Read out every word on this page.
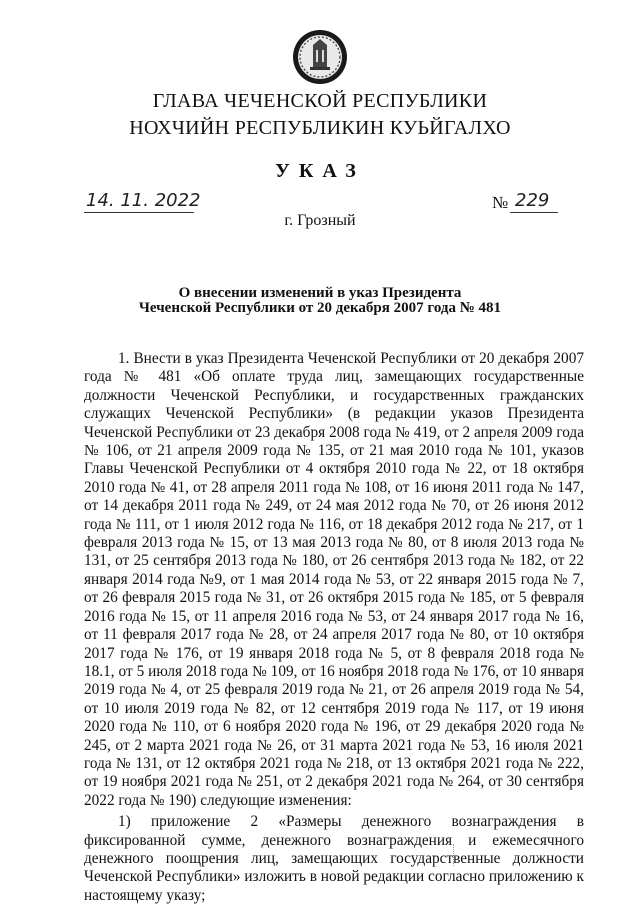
ГЛАВА ЧЕЧЕНСКОЙ РЕСПУБЛИКИ
НОХЧИЙН РЕСПУБЛИКИН КУЬЙГАЛХО
УКАЗ
14. 11. 2022	№ 229
г. Грозный
О внесении изменений в указ Президента
Чеченской Республики от 20 декабря 2007 года № 481

1. Внести в указ Президента Чеченской Республики от 20 декабря 2007 года № 481 «Об оплате труда лиц, замещающих государственные должности Чеченской Республики, и государственных гражданских служащих Чеченской Республики» (в редакции указов Президента Чеченской Республики от 23 декабря 2008 года № 419, от 2 апреля 2009 года № 106, от 21 апреля 2009 года № 135, от 21 мая 2010 года № 101, указов Главы Чеченской Республики от 4 октября 2010 года № 22, от 18 октября 2010 года № 41, от 28 апреля 2011 года № 108, от 16 июня 2011 года № 147, от 14 декабря 2011 года № 249, от 24 мая 2012 года № 70, от 26 июня 2012 года № 111, от 1 июля 2012 года № 116, от 18 декабря 2012 года № 217, от 1 февраля 2013 года № 15, от 13 мая 2013 года № 80, от 8 июля 2013 года № 131, от 25 сентября 2013 года № 180, от 26 сентября 2013 года № 182, от 22 января 2014 года №9, от 1 мая 2014 года № 53, от 22 января 2015 года № 7, от 26 февраля 2015 года № 31, от 26 октября 2015 года № 185, от 5 февраля 2016 года № 15, от 11 апреля 2016 года № 53, от 24 января 2017 года № 16, от 11 февраля 2017 года № 28, от 24 апреля 2017 года № 80, от 10 октября 2017 года № 176, от 19 января 2018 года № 5, от 8 февраля 2018 года № 18.1, от 5 июля 2018 года № 109, от 16 ноября 2018 года № 176, от 10 января 2019 года № 4, от 25 февраля 2019 года № 21, от 26 апреля 2019 года № 54, от 10 июля 2019 года № 82, от 12 сентября 2019 года № 117, от 19 июня 2020 года № 110, от 6 ноября 2020 года № 196, от 29 декабря 2020 года № 245, от 2 марта 2021 года № 26, от 31 марта 2021 года № 53, 16 июля 2021 года № 131, от 12 октября 2021 года № 218, от 13 октября 2021 года № 222, от 19 ноября 2021 года № 251, от 2 декабря 2021 года № 264, от 30 сентября 2022 года № 190) следующие изменения:

1) приложение 2 «Размеры денежного вознаграждения в фиксированной сумме, денежного вознаграждения и ежемесячного денежного поощрения лиц, замещающих государственные должности Чеченской Республики» изложить в новой редакции согласно приложению к настоящему указу;
